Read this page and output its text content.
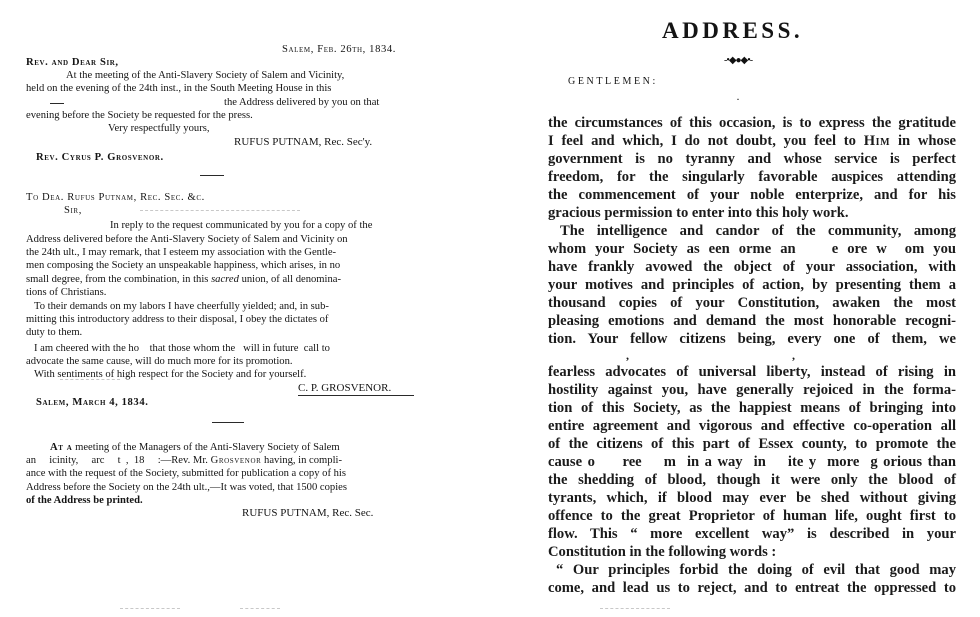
Salem, Feb. 26th, 1834.
Rev. and Dear Sir,
At the meeting of the Anti-Slavery Society of Salem and Vicinity,
held on the evening of the 24th inst., in the South Meeting House in this
the Address delivered by you on that
evening before the Society be requested for the press.
Very respectfully yours,
RUFUS PUTNAM, Rec. Sec'y.
Rev. Cyrus P. Grosvenor.
To Dea. Rufus Putnam, Rec. Sec. &c.
Sir,
In reply to the request communicated by you for a copy of the
Address delivered before the Anti-Slavery Society of Salem and Vicinity on
the 24th ult., I may remark, that I esteem my association with the Gentle-
men composing the Society an unspeakable happiness, which arises, in no
small degree, from the combination, in this sacred union, of all denomina-
tions of Christians.
To their demands on my labors I have cheerfully yielded; and, in sub-
mitting this introductory address to their disposal, I obey the dictates of
duty to them.
I am cheered with the ho    that those whom the   will in future  call to
advocate the same cause, will do much more for its promotion.
With sentiments of high respect for the Society and for yourself.
C. P. GROSVENOR.
Salem, March 4, 1834.
At a meeting of the Managers of the Anti-Slavery Society of Salem
an     icinity,     arc     t  ,  18     :—Rev. Mr. Grosvenor having, in compli-
ance with the request of the Society, submitted for publication a copy of his
Address before the Society on the 24th ult.,—It was voted, that 1500 copies
of the Address be printed.
RUFUS PUTNAM, Rec. Sec.
ADDRESS.
-•◆●◆•-
GENTLEMEN:
·
the circumstances of this occasion, is to express the gratitude
I feel and which, I do not doubt, you feel to Him in whose
government is no tyranny and whose service is perfect
freedom, for the singularly favorable auspices attending
the commencement of your noble enterprize, and for his
gracious permission to enter into this holy work.
The intelligence and candor of the community, among
whom your Society as een orme an    e ore w  om you
have frankly avowed the object of your association, with
your motives and principles of action, by presenting them a
thousand copies of your Constitution, awaken the most
pleasing emotions and demand the most honorable recogni-
tion. Your fellow citizens being, every one of them, we
,	,
fearless advocates of universal liberty, instead of rising in
hostility against you, have generally rejoiced in the forma-
tion of this Society, as the happiest means of bringing into
entire agreement and vigorous and effective co-operation all
of the citizens of this part of Essex county, to promote the
cause o     ree    m  in a way  in    ite y  more  g orious than
the shedding of blood, though it were only the blood of
tyrants, which, if blood may ever be shed without giving
offence to the great Proprietor of human life, ought first to
flow. This “ more excellent way” is described in your
Constitution in the following words :
“ Our principles forbid the doing of evil that good may
come, and lead us to reject, and to entreat the oppressed to
